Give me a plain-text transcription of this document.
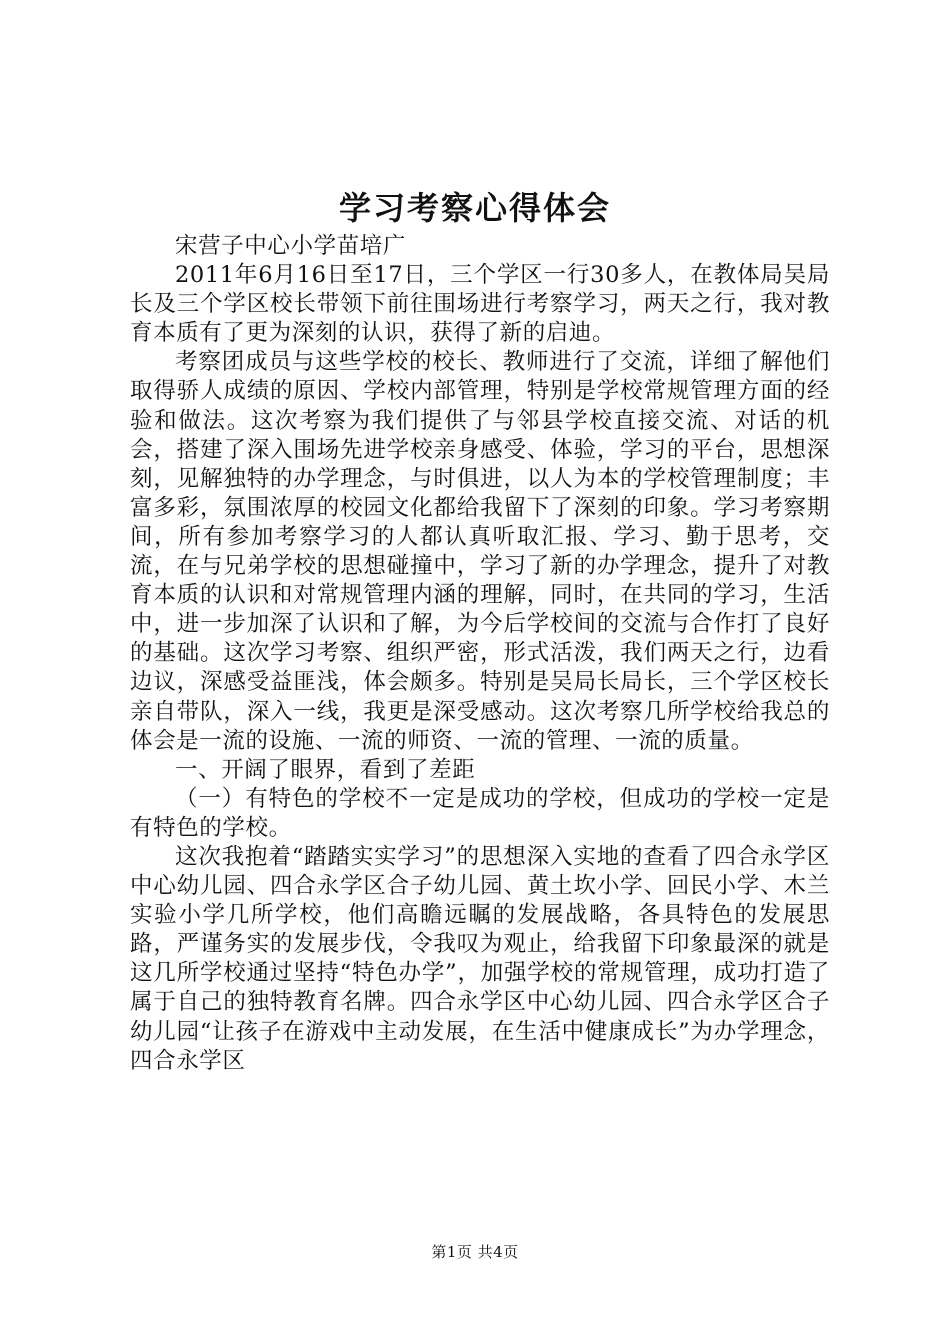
学习考察心得体会

宋营子中心小学苗培广

2011年6月16日至17日，三个学区一行30多人，在教体局吴局长及三个学区校长带领下前往围场进行考察学习，两天之行，我对教育本质有了更为深刻的认识，获得了新的启迪。

考察团成员与这些学校的校长、教师进行了交流，详细了解他们取得骄人成绩的原因、学校内部管理，特别是学校常规管理方面的经验和做法。这次考察为我们提供了与邻县学校直接交流、对话的机会，搭建了深入围场先进学校亲身感受、体验，学习的平台，思想深刻，见解独特的办学理念，与时俱进，以人为本的学校管理制度；丰富多彩，氛围浓厚的校园文化都给我留下了深刻的印象。学习考察期间，所有参加考察学习的人都认真听取汇报、学习、勤于思考，交流，在与兄弟学校的思想碰撞中，学习了新的办学理念，提升了对教育本质的认识和对常规管理内涵的理解，同时，在共同的学习，生活中，进一步加深了认识和了解，为今后学校间的交流与合作打了良好的基础。这次学习考察、组织严密，形式活泼，我们两天之行，边看边议，深感受益匪浅，体会颇多。特别是吴局长局长，三个学区校长亲自带队，深入一线，我更是深受感动。这次考察几所学校给我总的体会是一流的设施、一流的师资、一流的管理、一流的质量。

一、开阔了眼界，看到了差距

（一）有特色的学校不一定是成功的学校，但成功的学校一定是有特色的学校。

这次我抱着“踏踏实实学习”的思想深入实地的查看了四合永学区中心幼儿园、四合永学区合子幼儿园、黄土坎小学、回民小学、木兰实验小学几所学校，他们高瞻远瞩的发展战略，各具特色的发展思路，严谨务实的发展步伐，令我叹为观止，给我留下印象最深的就是这几所学校通过坚持“特色办学”，加强学校的常规管理，成功打造了属于自己的独特教育名牌。四合永学区中心幼儿园、四合永学区合子幼儿园“让孩子在游戏中主动发展，在生活中健康成长”为办学理念，四合永学区

第1页 共4页
